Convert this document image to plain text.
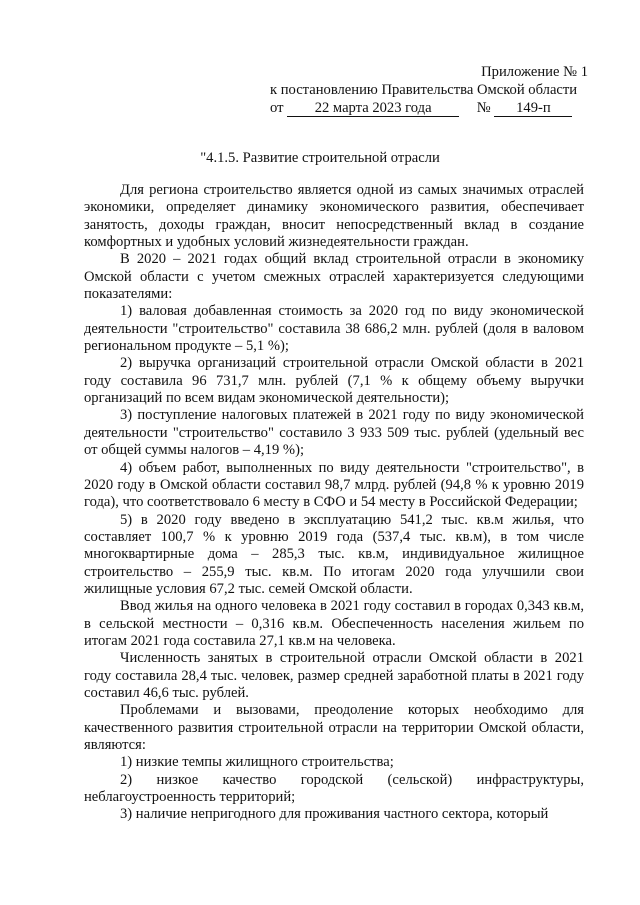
Приложение № 1
к постановлению Правительства Омской области
от 22 марта 2023 года	№ 149-п
"4.1.5. Развитие строительной отрасли

Для региона строительство является одной из самых значимых отраслей экономики, определяет динамику экономического развития, обеспечивает занятость, доходы граждан, вносит непосредственный вклад в создание комфортных и удобных условий жизнедеятельности граждан.

В 2020 – 2021 годах общий вклад строительной отрасли в экономику Омской области с учетом смежных отраслей характеризуется следующими показателями:

1) валовая добавленная стоимость за 2020 год по виду экономической деятельности "строительство" составила 38 686,2 млн. рублей (доля в валовом региональном продукте – 5,1 %);

2) выручка организаций строительной отрасли Омской области в 2021 году составила 96 731,7 млн. рублей (7,1 % к общему объему выручки организаций по всем видам экономической деятельности);

3) поступление налоговых платежей в 2021 году по виду экономической деятельности "строительство" составило 3 933 509 тыс. рублей (удельный вес от общей суммы налогов – 4,19 %);

4) объем работ, выполненных по виду деятельности "строительство", в 2020 году в Омской области составил 98,7 млрд. рублей (94,8 % к уровню 2019 года), что соответствовало 6 месту в СФО и 54 месту в Российской Федерации;

5) в 2020 году введено в эксплуатацию 541,2 тыс. кв.м жилья, что составляет 100,7 % к уровню 2019 года (537,4 тыс. кв.м), в том числе многоквартирные дома – 285,3 тыс. кв.м, индивидуальное жилищное строительство – 255,9 тыс. кв.м. По итогам 2020 года улучшили свои жилищные условия 67,2 тыс. семей Омской области.

Ввод жилья на одного человека в 2021 году составил в городах 0,343 кв.м, в сельской местности – 0,316 кв.м. Обеспеченность населения жильем по итогам 2021 года составила 27,1 кв.м на человека.

Численность занятых в строительной отрасли Омской области в 2021 году составила 28,4 тыс. человек, размер средней заработной платы в 2021 году составил 46,6 тыс. рублей.

Проблемами и вызовами, преодоление которых необходимо для качественного развития строительной отрасли на территории Омской области, являются:

1) низкие темпы жилищного строительства;

2) низкое качество городской (сельской) инфраструктуры, неблагоустроенность территорий;

3) наличие непригодного для проживания частного сектора, который
